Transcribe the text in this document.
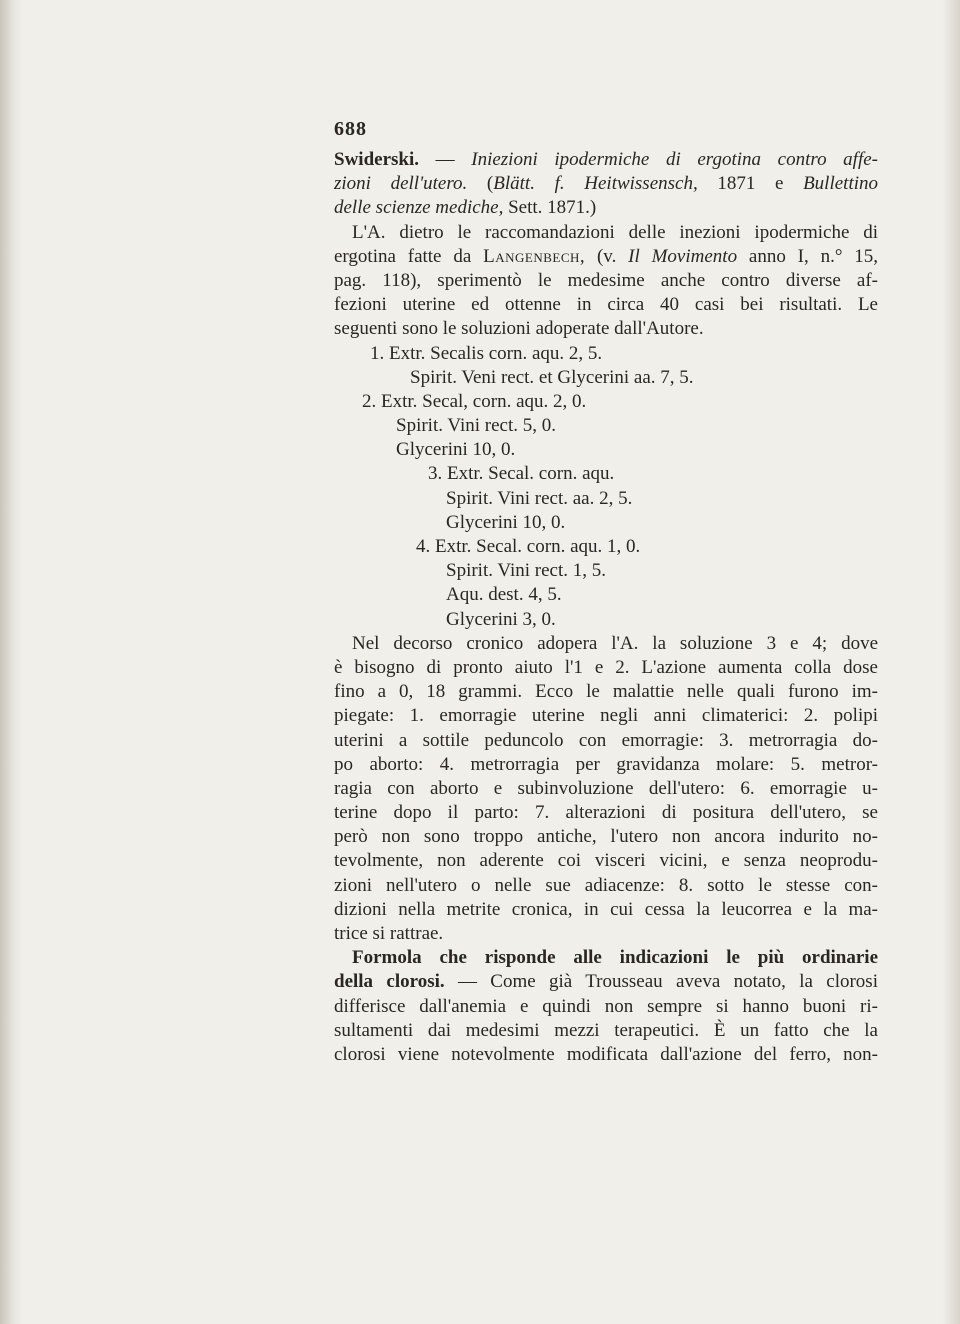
688
Swiderski. — Iniezioni ipodermiche di ergotina contro affe-
zioni dell'utero. (Blätt. f. Heitwissensch, 1871 e Bullettino
delle scienze mediche, Sett. 1871.)
L'A. dietro le raccomandazioni delle inezioni ipodermiche di
ergotina fatte da Langenbech, (v. Il Movimento anno I, n.° 15,
pag. 118), sperimentò le medesime anche contro diverse af-
fezioni uterine ed ottenne in circa 40 casi bei risultati. Le
seguenti sono le soluzioni adoperate dall'Autore.
1. Extr. Secalis corn. aqu. 2, 5.
Spirit. Veni rect. et Glycerini aa. 7, 5.
2. Extr. Secal, corn. aqu. 2, 0.
Spirit. Vini rect. 5, 0.
Glycerini 10, 0.
3. Extr. Secal. corn. aqu.
Spirit. Vini rect. aa. 2, 5.
Glycerini 10, 0.
4. Extr. Secal. corn. aqu. 1, 0.
Spirit. Vini rect. 1, 5.
Aqu. dest. 4, 5.
Glycerini 3, 0.
Nel decorso cronico adopera l'A. la soluzione 3 e 4; dove
è bisogno di pronto aiuto l'1 e 2. L'azione aumenta colla dose
fino a 0, 18 grammi. Ecco le malattie nelle quali furono im-
piegate: 1. emorragie uterine negli anni climaterici: 2. polipi
uterini a sottile peduncolo con emorragie: 3. metrorragia do-
po aborto: 4. metrorragia per gravidanza molare: 5. metror-
ragia con aborto e subinvoluzione dell'utero: 6. emorragie u-
terine dopo il parto: 7. alterazioni di positura dell'utero, se
però non sono troppo antiche, l'utero non ancora indurito no-
tevolmente, non aderente coi visceri vicini, e senza neoprodu-
zioni nell'utero o nelle sue adiacenze: 8. sotto le stesse con-
dizioni nella metrite cronica, in cui cessa la leucorrea e la ma-
trice si rattrae.
Formola che risponde alle indicazioni le più ordinarie
della clorosi. — Come già Trousseau aveva notato, la clorosi
differisce dall'anemia e quindi non sempre si hanno buoni ri-
sultamenti dai medesimi mezzi terapeutici. È un fatto che la
clorosi viene notevolmente modificata dall'azione del ferro, non-
